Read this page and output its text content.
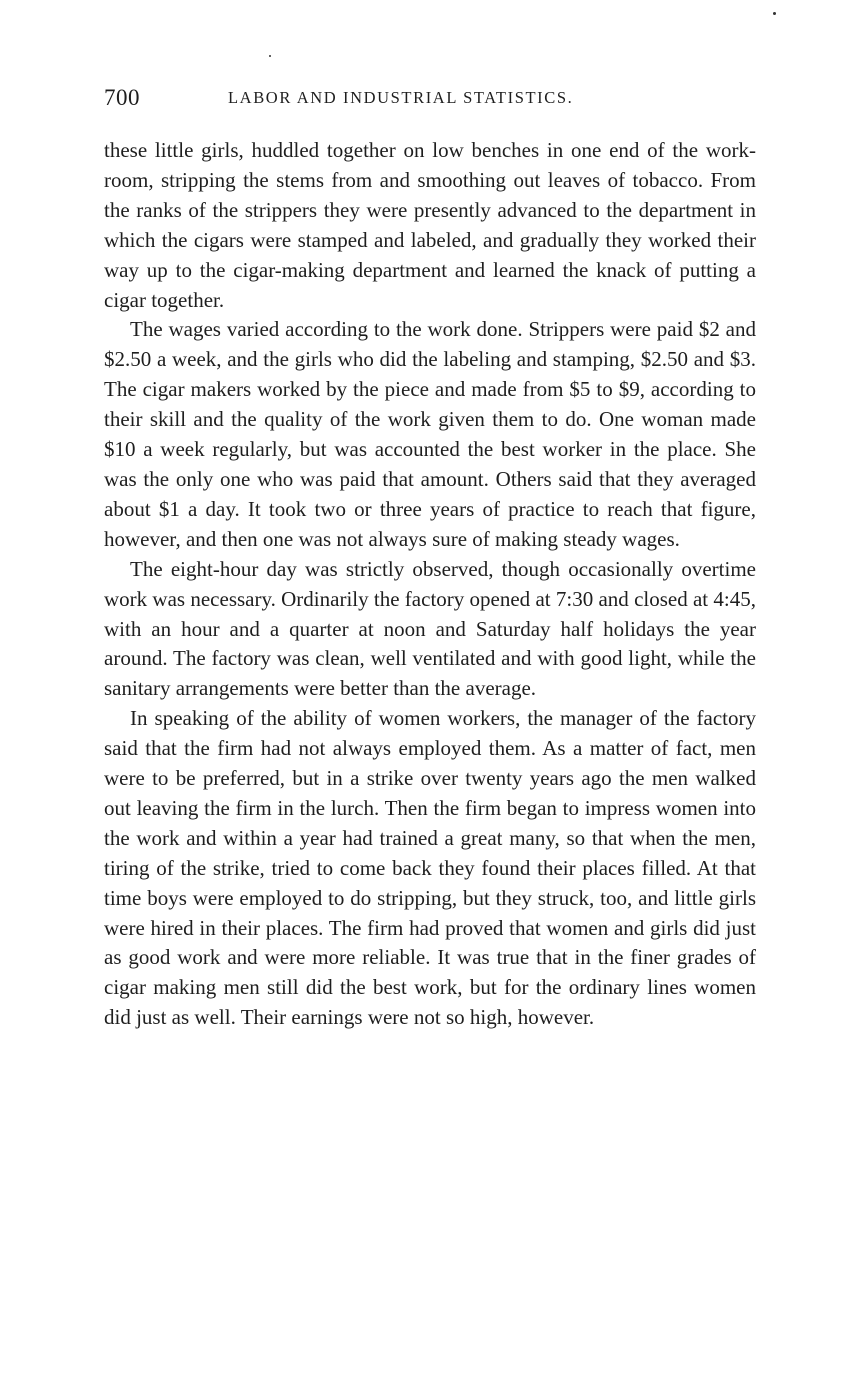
700	LABOR AND INDUSTRIAL STATISTICS.

these little girls, huddled together on low benches in one end of the work-room, stripping the stems from and smoothing out leaves of tobacco. From the ranks of the strippers they were presently advanced to the department in which the cigars were stamped and labeled, and gradually they worked their way up to the cigar-making department and learned the knack of putting a cigar together.

The wages varied according to the work done. Strippers were paid $2 and $2.50 a week, and the girls who did the labeling and stamping, $2.50 and $3. The cigar makers worked by the piece and made from $5 to $9, according to their skill and the quality of the work given them to do. One woman made $10 a week regularly, but was accounted the best worker in the place. She was the only one who was paid that amount. Others said that they averaged about $1 a day. It took two or three years of practice to reach that figure, however, and then one was not always sure of making steady wages.

The eight-hour day was strictly observed, though occasionally overtime work was necessary. Ordinarily the factory opened at 7:30 and closed at 4:45, with an hour and a quarter at noon and Saturday half holidays the year around. The factory was clean, well ventilated and with good light, while the sanitary arrangements were better than the average.

In speaking of the ability of women workers, the manager of the factory said that the firm had not always employed them. As a matter of fact, men were to be preferred, but in a strike over twenty years ago the men walked out leaving the firm in the lurch. Then the firm began to impress women into the work and within a year had trained a great many, so that when the men, tiring of the strike, tried to come back they found their places filled. At that time boys were employed to do stripping, but they struck, too, and little girls were hired in their places. The firm had proved that women and girls did just as good work and were more reliable. It was true that in the finer grades of cigar making men still did the best work, but for the ordinary lines women did just as well. Their earnings were not so high, however.
